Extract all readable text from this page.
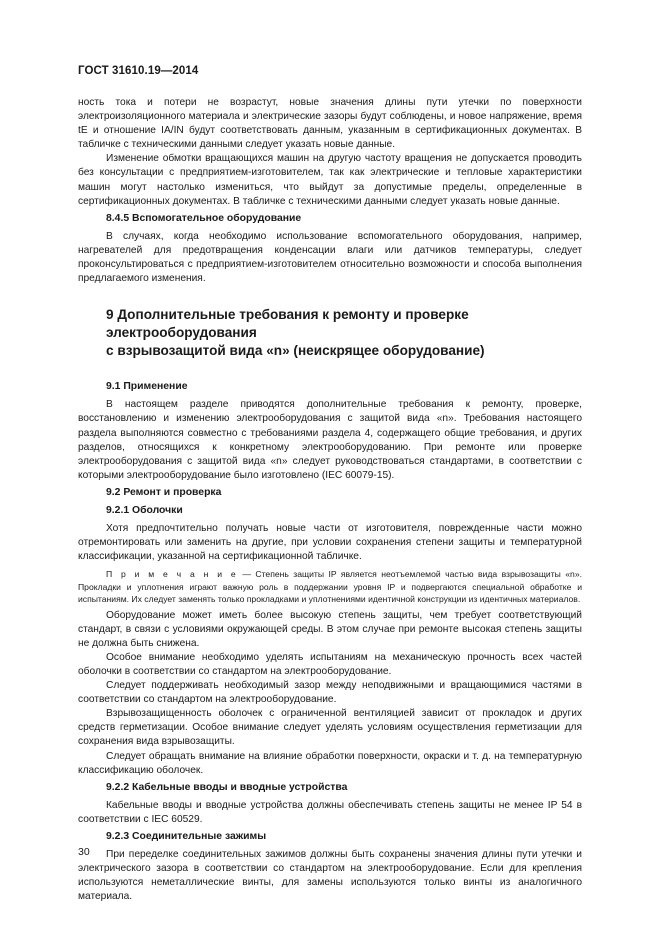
ГОСТ 31610.19—2014

ность тока и потери не возрастут, новые значения длины пути утечки по поверхности электроизоляционного материала и электрические зазоры будут соблюдены, и новое напряжение, время tE и отношение IA/IN будут соответствовать данным, указанным в сертификационных документах. В табличке с техническими данными следует указать новые данные.

Изменение обмотки вращающихся машин на другую частоту вращения не допускается проводить без консультации с предприятием-изготовителем, так как электрические и тепловые характеристики машин могут настолько измениться, что выйдут за допустимые пределы, определенные в сертификационных документах. В табличке с техническими данными следует указать новые данные.

8.4.5 Вспомогательное оборудование

В случаях, когда необходимо использование вспомогательного оборудования, например, нагревателей для предотвращения конденсации влаги или датчиков температуры, следует проконсультироваться с предприятием-изготовителем относительно возможности и способа выполнения предлагаемого изменения.

9 Дополнительные требования к ремонту и проверке электрооборудования
с взрывозащитой вида «n» (неискрящее оборудование)
9.1 Применение

В настоящем разделе приводятся дополнительные требования к ремонту, проверке, восстановлению и изменению электрооборудования с защитой вида «n». Требования настоящего раздела выполняются совместно с требованиями раздела 4, содержащего общие требования, и других разделов, относящихся к конкретному электрооборудованию. При ремонте или проверке электрооборудования с защитой вида «n» следует руководствоваться стандартами, в соответствии с которыми электрооборудование было изготовлено (IEC 60079-15).

9.2 Ремонт и проверка
9.2.1 Оболочки

Хотя предпочтительно получать новые части от изготовителя, поврежденные части можно отремонтировать или заменить на другие, при условии сохранения степени защиты и температурной классификации, указанной на сертификационной табличке.

П р и м е ч а н и е — Степень защиты IP является неотъемлемой частью вида взрывозащиты «n». Прокладки и уплотнения играют важную роль в поддержании уровня IP и подвергаются специальной обработке и испытаниям. Их следует заменять только прокладками и уплотнениями идентичной конструкции из идентичных материалов.

Оборудование может иметь более высокую степень защиты, чем требует соответствующий стандарт, в связи с условиями окружающей среды. В этом случае при ремонте высокая степень защиты не должна быть снижена.

Особое внимание необходимо уделять испытаниям на механическую прочность всех частей оболочки в соответствии со стандартом на электрооборудование.

Следует поддерживать необходимый зазор между неподвижными и вращающимися частями в соответствии со стандартом на электрооборудование.

Взрывозащищенность оболочек с ограниченной вентиляцией зависит от прокладок и других средств герметизации. Особое внимание следует уделять условиям осуществления герметизации для сохранения вида взрывозащиты.

Следует обращать внимание на влияние обработки поверхности, окраски и т. д. на температурную классификацию оболочек.

9.2.2 Кабельные вводы и вводные устройства

Кабельные вводы и вводные устройства должны обеспечивать степень защиты не менее IP 54 в соответствии с IEC 60529.

9.2.3 Соединительные зажимы

При переделке соединительных зажимов должны быть сохранены значения длины пути утечки и электрического зазора в соответствии со стандартом на электрооборудование. Если для крепления используются неметаллические винты, для замены используются только винты из аналогичного материала.

30
